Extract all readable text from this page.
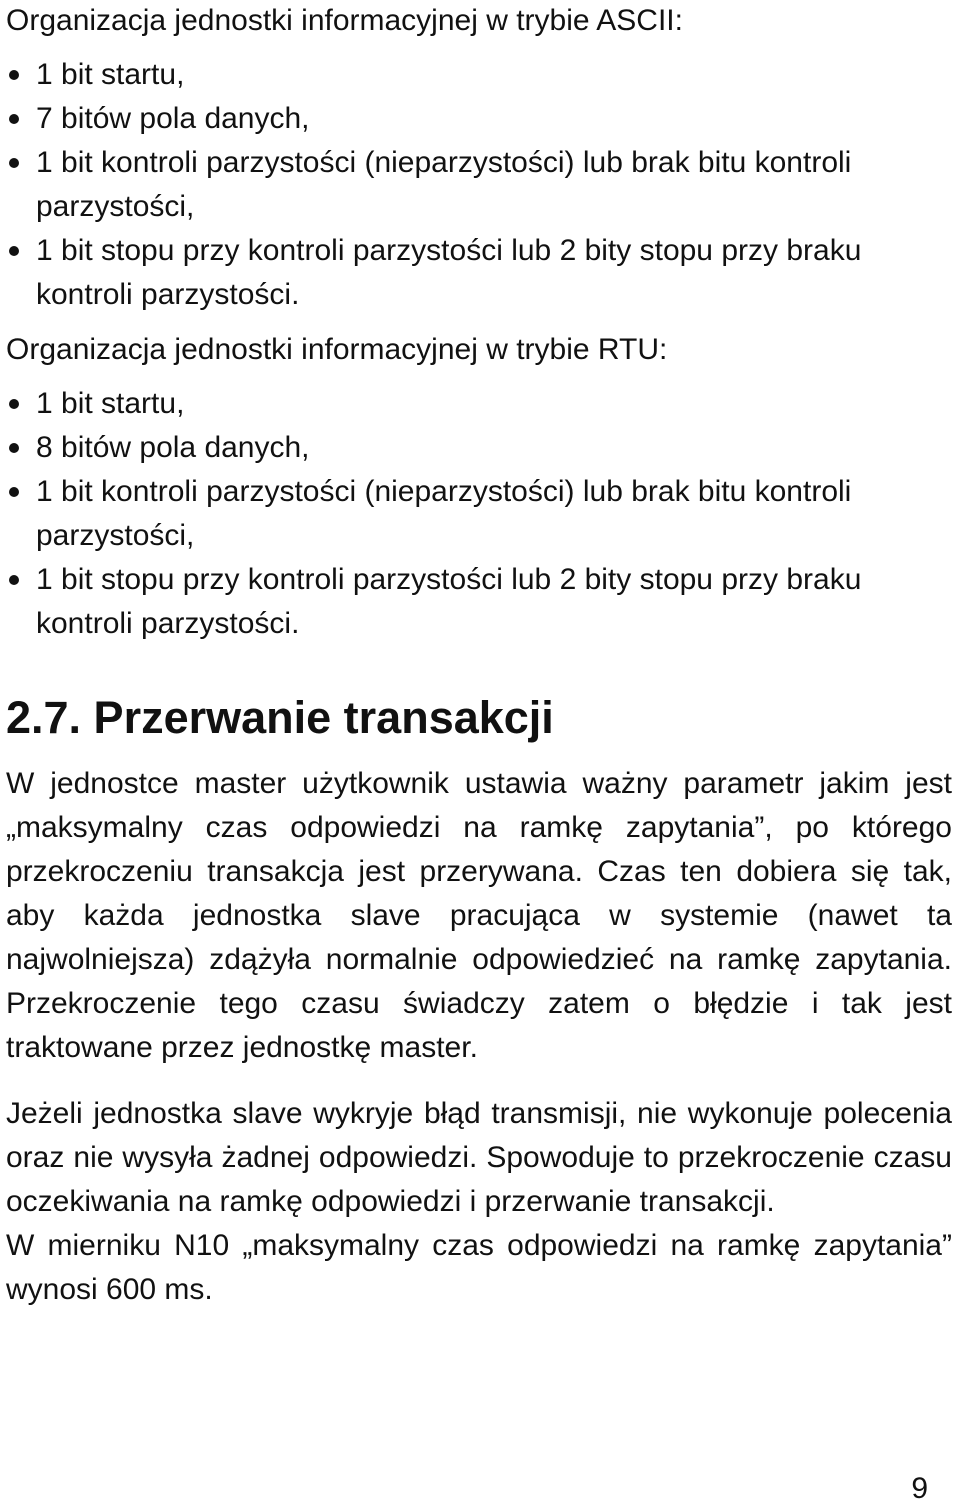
Organizacja jednostki informacyjnej w trybie ASCII:

1 bit startu,
7 bitów pola danych,
1 bit kontroli parzystości (nieparzystości) lub brak bitu kontroli parzystości,
1 bit stopu przy kontroli parzystości lub 2 bity stopu przy braku kontroli parzystości.

Organizacja jednostki informacyjnej w trybie RTU:

1 bit startu,
8 bitów pola danych,
1 bit kontroli parzystości (nieparzystości) lub brak bitu kontroli parzystości,
1 bit stopu przy kontroli parzystości lub 2 bity stopu przy braku kontroli parzystości.
2.7. Przerwanie transakcji

W jednostce master użytkownik ustawia ważny parametr jakim jest „maksymalny czas odpowiedzi na ramkę zapytania”, po którego przekroczeniu transakcja jest przerywana. Czas ten dobiera się tak, aby każda jednostka slave pracująca w systemie (nawet ta najwolniejsza) zdążyła normalnie odpowiedzieć na ramkę zapytania. Przekroczenie tego czasu świadczy zatem o błędzie i tak jest traktowane przez jednostkę master.

Jeżeli jednostka slave wykryje błąd transmisji, nie wykonuje polecenia oraz nie wysyła żadnej odpowiedzi. Spowoduje to przekroczenie czasu oczekiwania na ramkę odpowiedzi i przerwanie transakcji.

W mierniku N10 „maksymalny czas odpowiedzi na ramkę zapytania” wynosi 600 ms.

9
